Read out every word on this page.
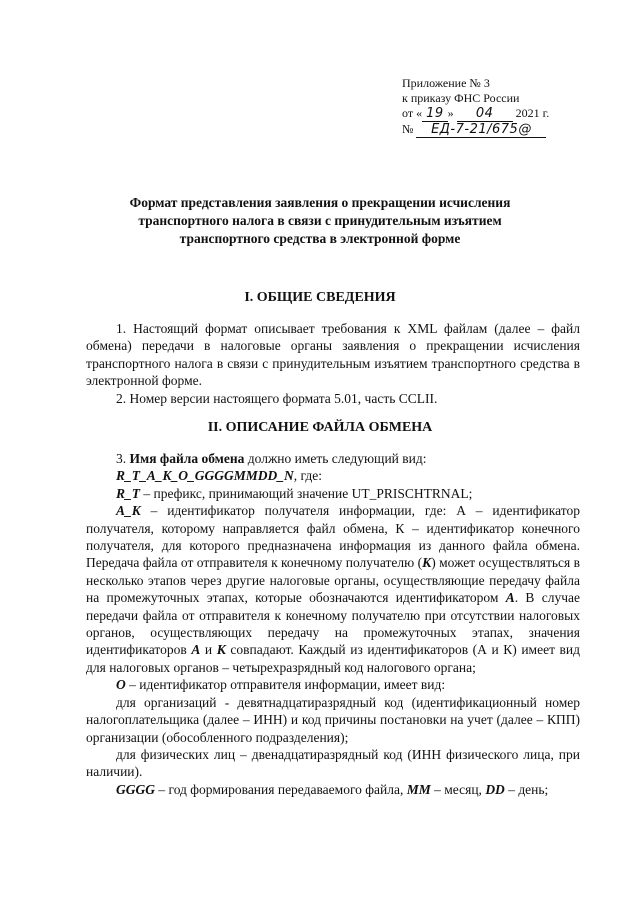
Приложение № 3
к приказу ФНС России
от « 19 » 04 2021 г.
№ ЕД-7-21/675@
Формат представления заявления о прекращении исчисления
транспортного налога в связи с принудительным изъятием
транспортного средства в электронной форме
I. ОБЩИЕ СВЕДЕНИЯ

1. Настоящий формат описывает требования к XML файлам (далее – файл обмена) передачи в налоговые органы заявления о прекращении исчисления транспортного налога в связи с принудительным изъятием транспортного средства в электронной форме.

2. Номер версии настоящего формата 5.01, часть CCLII.

II. ОПИСАНИЕ ФАЙЛА ОБМЕНА

3. Имя файла обмена должно иметь следующий вид:

R_T_A_K_O_GGGGMMDD_N, где:

R_T – префикс, принимающий значение UT_PRISCHTRNAL;

A_K – идентификатор получателя информации, где: А – идентификатор получателя, которому направляется файл обмена, К – идентификатор конечного получателя, для которого предназначена информация из данного файла обмена. Передача файла от отправителя к конечному получателю (К) может осуществляться в несколько этапов через другие налоговые органы, осуществляющие передачу файла на промежуточных этапах, которые обозначаются идентификатором А. В случае передачи файла от отправителя к конечному получателю при отсутствии налоговых органов, осуществляющих передачу на промежуточных этапах, значения идентификаторов А и К совпадают. Каждый из идентификаторов (А и К) имеет вид для налоговых органов – четырехразрядный код налогового органа;

О – идентификатор отправителя информации, имеет вид:

для организаций - девятнадцатиразрядный код (идентификационный номер налогоплательщика (далее – ИНН) и код причины постановки на учет (далее – КПП) организации (обособленного подразделения);

для физических лиц – двенадцатиразрядный код (ИНН физического лица, при наличии).

GGGG – год формирования передаваемого файла, ММ – месяц, DD – день;
